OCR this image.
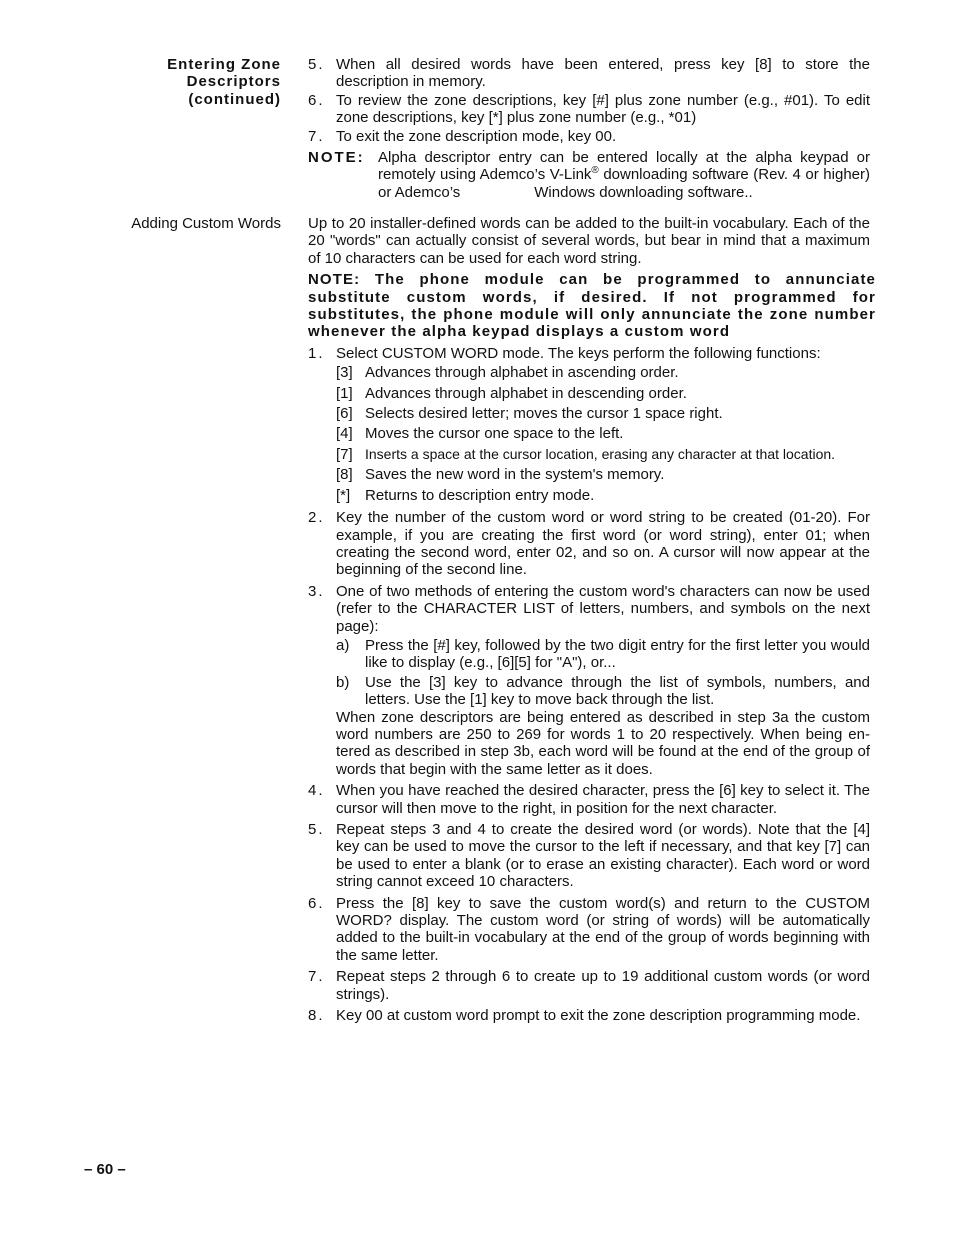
Entering Zone
Descriptors
(continued)
5. When all desired words have been entered, press key [8] to store the description in memory.
6. To review the zone descriptions, key [#] plus zone number (e.g., #01). To edit zone descriptions, key [*] plus zone number (e.g., *01)
7. To exit the zone description mode, key 00.
NOTE: Alpha descriptor entry can be entered locally at the alpha keypad or remotely using Ademco’s V-Link® downloading software (Rev. 4 or higher) or Ademco’s	Windows downloading software..
Adding Custom Words Up to 20 installer-defined words can be added to the built-in vocabulary. Each of the 20 "words" can actually consist of several words, but bear in mind that a maximum of 10 characters can be used for each word string.

NOTE: The phone module can be programmed to annunciate substitute custom words, if desired. If not programmed for substitutes, the phone module will only annunciate the zone number whenever the alpha keypad displays a custom word

1. Select CUSTOM WORD mode. The keys perform the following functions:
[3] Advances through alphabet in ascending order.
[1] Advances through alphabet in descending order.
[6] Selects desired letter; moves the cursor 1 space right.
[4] Moves the cursor one space to the left.
[7] Inserts a space at the cursor location, erasing any character at that location.
[8] Saves the new word in the system's memory.
[*] Returns to description entry mode.
2. Key the number of the custom word or word string to be created (01-20). For example, if you are creating the first word (or word string), enter 01; when creating the second word, enter 02, and so on. A cursor will now appear at the beginning of the second line.
3. One of two methods of entering the custom word's characters can now be used (refer to the CHARACTER LIST of letters, numbers, and symbols on the next page):
a) Press the [#] key, followed by the two digit entry for the first letter you would like to display (e.g., [6][5] for "A"), or...
b) Use the [3] key to advance through the list of symbols, numbers, and letters. Use the [1] key to move back through the list.

When zone descriptors are being entered as described in step 3a the custom word numbers are 250 to 269 for words 1 to 20 respectively. When being en-tered as described in step 3b, each word will be found at the end of the group of words that begin with the same letter as it does.

4. When you have reached the desired character, press the [6] key to select it. The cursor will then move to the right, in position for the next character.
5. Repeat steps 3 and 4 to create the desired word (or words). Note that the [4] key can be used to move the cursor to the left if necessary, and that key [7] can be used to enter a blank (or to erase an existing character). Each word or word string cannot exceed 10 characters.
6. Press the [8] key to save the custom word(s) and return to the CUSTOM WORD? display. The custom word (or string of words) will be automatically added to the built-in vocabulary at the end of the group of words beginning with the same letter.
7. Repeat steps 2 through 6 to create up to 19 additional custom words (or word strings).
8. Key 00 at custom word prompt to exit the zone description programming mode.
– 60 –
